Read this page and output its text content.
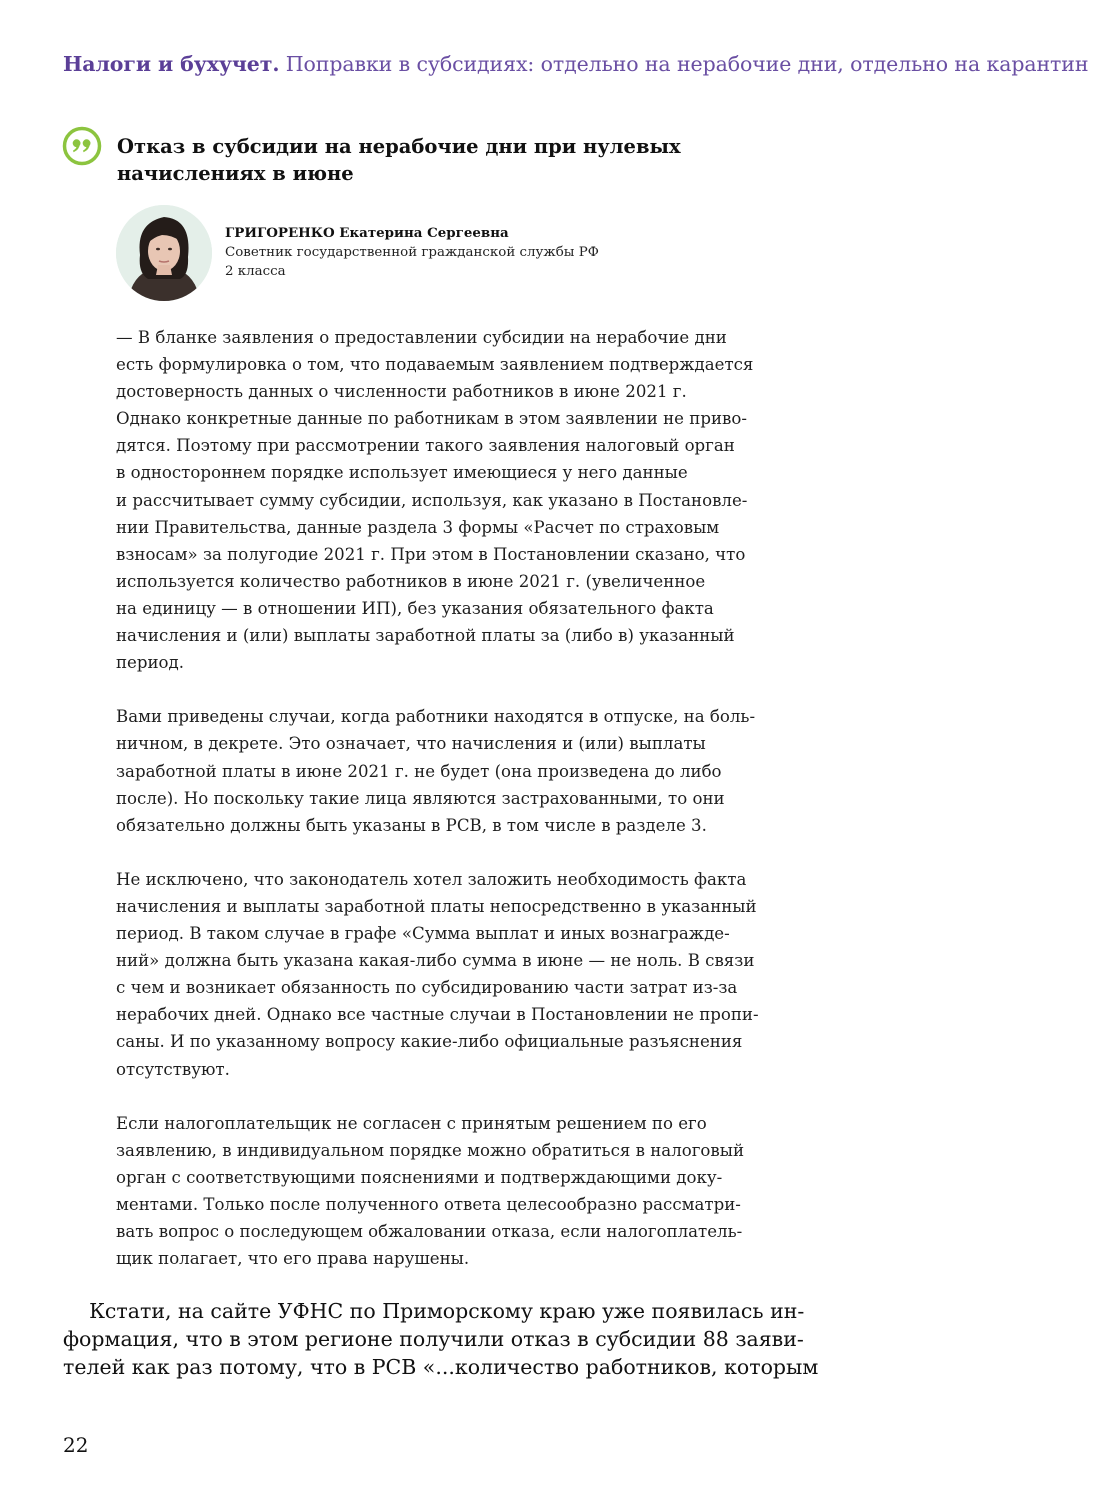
Налоги и бухучет. Поправки в субсидиях: отдельно на нерабочие дни, отдельно на карантин
Отказ в субсидии на нерабочие дни при нулевых
начислениях в июне
ГРИГОРЕНКО Екатерина Сергеевна
Советник государственной гражданской службы РФ
2 класса
— В бланке заявления о предоставлении субсидии на нерабочие дни
есть формулировка о том, что подаваемым заявлением подтверждается
достоверность данных о численности работников в июне 2021 г.
Однако конкретные данные по работникам в этом заявлении не приво-
дятся. Поэтому при рассмотрении такого заявления налоговый орган
в одностороннем порядке использует имеющиеся у него данные
и рассчитывает сумму субсидии, используя, как указано в Постановле-
нии Правительства, данные раздела 3 формы «Расчет по страховым
взносам» за полугодие 2021 г. При этом в Постановлении сказано, что
используется количество работников в июне 2021 г. (увеличенное
на единицу — в отношении ИП), без указания обязательного факта
начисления и (или) выплаты заработной платы за (либо в) указанный
период.
Вами приведены случаи, когда работники находятся в отпуске, на боль-
ничном, в декрете. Это означает, что начисления и (или) выплаты
заработной платы в июне 2021 г. не будет (она произведена до либо
после). Но поскольку такие лица являются застрахованными, то они
обязательно должны быть указаны в РСВ, в том числе в разделе 3.
Не исключено, что законодатель хотел заложить необходимость факта
начисления и выплаты заработной платы непосредственно в указанный
период. В таком случае в графе «Сумма выплат и иных вознагражде-
ний» должна быть указана какая-либо сумма в июне — не ноль. В связи
с чем и возникает обязанность по субсидированию части затрат из-за
нерабочих дней. Однако все частные случаи в Постановлении не пропи-
саны. И по указанному вопросу какие-либо официальные разъяснения
отсутствуют.
Если налогоплательщик не согласен с принятым решением по его
заявлению, в индивидуальном порядке можно обратиться в налоговый
орган с соответствующими пояснениями и подтверждающими доку-
ментами. Только после полученного ответа целесообразно рассматри-
вать вопрос о последующем обжаловании отказа, если налогоплатель-
щик полагает, что его права нарушены.
Кстати, на сайте УФНС по Приморскому краю уже появилась ин-
формация, что в этом регионе получили отказ в субсидии 88 заяви-
телей как раз потому, что в РСВ «...количество работников, которым
22
